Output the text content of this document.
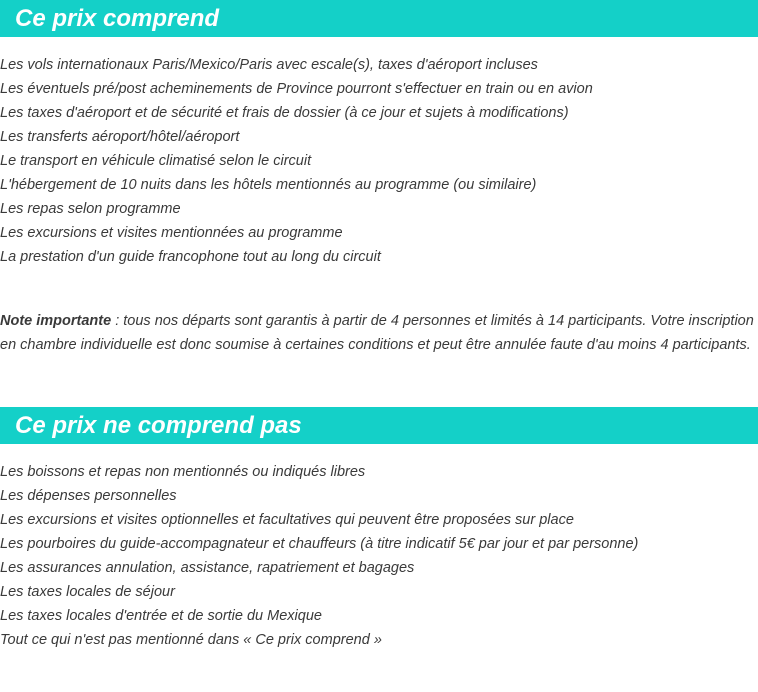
Ce prix comprend
Les vols internationaux Paris/Mexico/Paris avec escale(s), taxes d'aéroport incluses
Les éventuels pré/post acheminements de Province pourront s'effectuer en train ou en avion
Les taxes d'aéroport et de sécurité et frais de dossier (à ce jour et sujets à modifications)
Les transferts aéroport/hôtel/aéroport
Le transport en véhicule climatisé selon le circuit
L'hébergement de 10 nuits dans les hôtels mentionnés au programme (ou similaire)
Les repas selon programme
Les excursions et visites mentionnées au programme
La prestation d'un guide francophone tout au long du circuit

Note importante : tous nos départs sont garantis à partir de 4 personnes et limités à 14 participants. Votre inscription en chambre individuelle est donc soumise à certaines conditions et peut être annulée faute d'au moins 4 participants.

Ce prix ne comprend pas
Les boissons et repas non mentionnés ou indiqués libres
Les dépenses personnelles
Les excursions et visites optionnelles et facultatives qui peuvent être proposées sur place
Les pourboires du guide-accompagnateur et chauffeurs (à titre indicatif 5€ par jour et par personne)
Les assurances annulation, assistance, rapatriement et bagages
Les taxes locales de séjour
Les taxes locales d'entrée et de sortie du Mexique
Tout ce qui n'est pas mentionné dans « Ce prix comprend »
